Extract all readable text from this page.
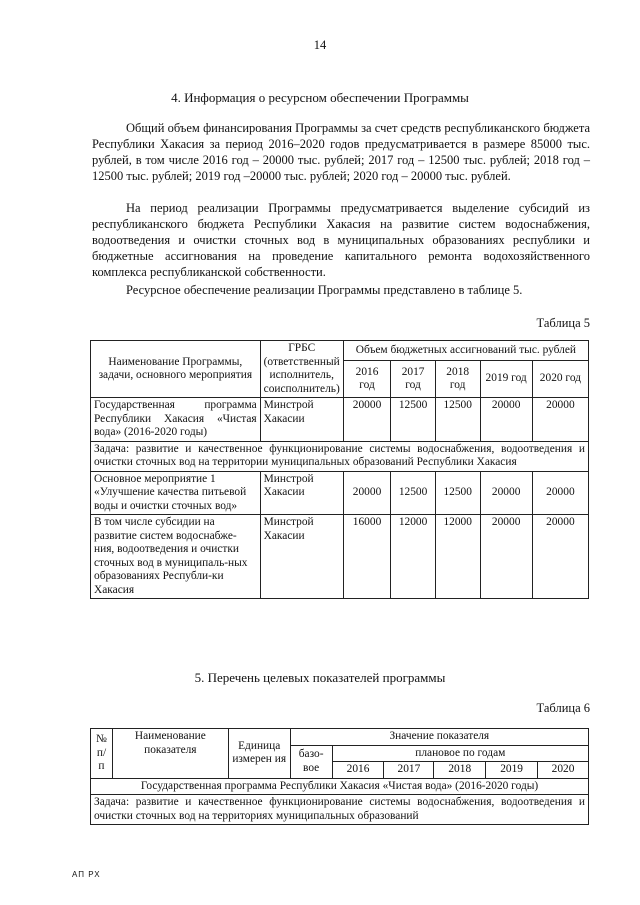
14
4. Информация о ресурсном обеспечении Программы
Общий объем финансирования Программы за счет средств республиканского бюджета Республики Хакасия за период 2016–2020 годов предусматривается в размере 85000 тыс. рублей, в том числе 2016 год – 20000 тыс. рублей; 2017 год – 12500 тыс. рублей; 2018 год – 12500 тыс. рублей; 2019 год –20000 тыс. рублей; 2020 год – 20000 тыс. рублей.
На период реализации Программы предусматривается выделение субсидий из республиканского бюджета Республики Хакасия на развитие систем водоснабжения, водоотведения и очистки сточных вод в муниципальных образованиях республики и бюджетные ассигнования на проведение капитального ремонта водохозяйственного комплекса республиканской собственности.
Ресурсное обеспечение реализации Программы представлено в таблице 5.
Таблица 5
Наименование Программы, задачи, основного мероприятия	ГРБС (ответственный исполнитель, соисполнитель)	Объем бюджетных ассигнований тыс. рублей				
		2016 год	2017 год	2018 год	2019 год	2020 год
Государственная программа Республики Хакасия «Чистая вода» (2016-2020 годы)	Минстрой Хакасии	20000	12500	12500	20000	20000
Задача: развитие и качественное функционирование системы водоснабжения, водоотведения и очистки сточных вод на территории муниципальных образований Республики Хакасия						
Основное мероприятие 1 «Улучшение качества питьевой воды и очистки сточных вод»	Минстрой Хакасии	20000	12500	12500	20000	20000
В том числе субсидии на развитие систем водоснабже-ния, водоотведения и очистки сточных вод в муниципаль-ных образованиях Республи-ки Хакасия	Минстрой Хакасии	16000	12000	12000	20000	20000
5. Перечень целевых показателей программы
Таблица 6
№ п/ п	Наименование показателя	Единица измерен ия	Значение показателя					
			базо-вое	плановое по годам				
				2016	2017	2018	2019	2020
Государственная программа Республики Хакасия «Чистая вода» (2016-2020 годы)								
Задача: развитие и качественное функционирование системы водоснабжения, водоотведения и очистки сточных вод на территориях муниципальных образований								
АП РХ
